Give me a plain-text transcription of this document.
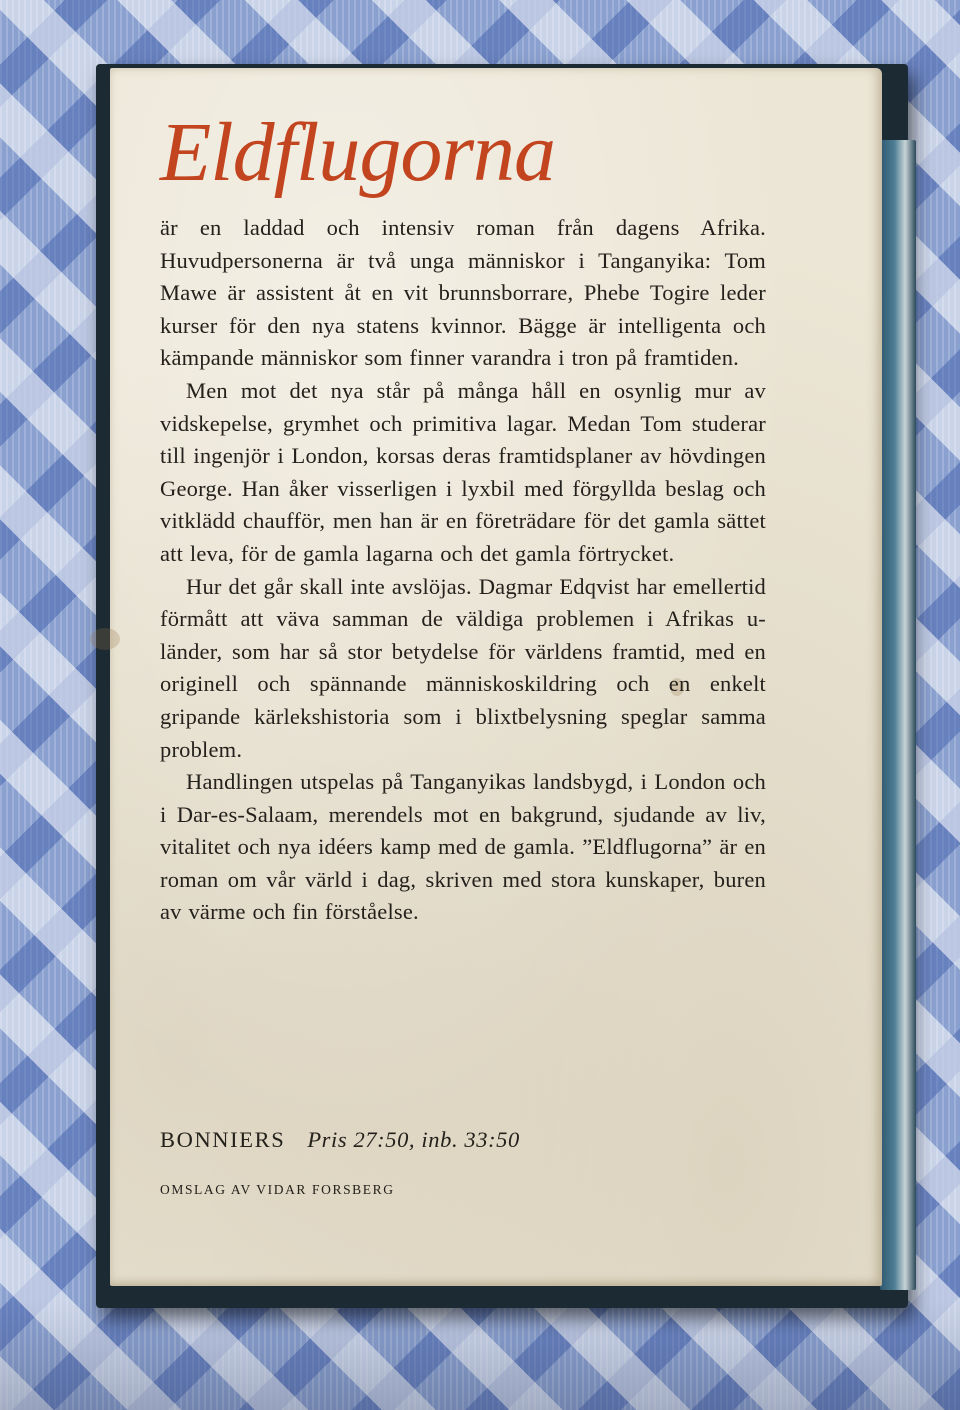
Eldflugorna

är en laddad och intensiv roman från dagens Afrika. Huvudpersonerna är två unga människor i Tanganyika: Tom Mawe är assistent åt en vit brunnsborrare, Phebe Togire leder kurser för den nya statens kvinnor. Bägge är intelligenta och kämpande människor som finner varandra i tron på framtiden.

Men mot det nya står på många håll en osynlig mur av vidskepelse, grymhet och primitiva lagar. Medan Tom studerar till ingenjör i London, korsas deras framtidsplaner av hövdingen George. Han åker visserligen i lyxbil med förgyllda beslag och vitklädd chaufför, men han är en företrädare för det gamla sättet att leva, för de gamla lagarna och det gamla förtrycket.

Hur det går skall inte avslöjas. Dagmar Edqvist har emellertid förmått att väva samman de väldiga problemen i Afrikas u-länder, som har så stor betydelse för världens framtid, med en originell och spännande människoskildring och en enkelt gripande kärlekshistoria som i blixtbelysning speglar samma problem.

Handlingen utspelas på Tanganyikas landsbygd, i London och i Dar-es-Salaam, merendels mot en bakgrund, sjudande av liv, vitalitet och nya idéers kamp med de gamla. ”Eldflugorna” är en roman om vår värld i dag, skriven med stora kunskaper, buren av värme och fin förståelse.

BONNIERS Pris 27:50, inb. 33:50
OMSLAG AV VIDAR FORSBERG
